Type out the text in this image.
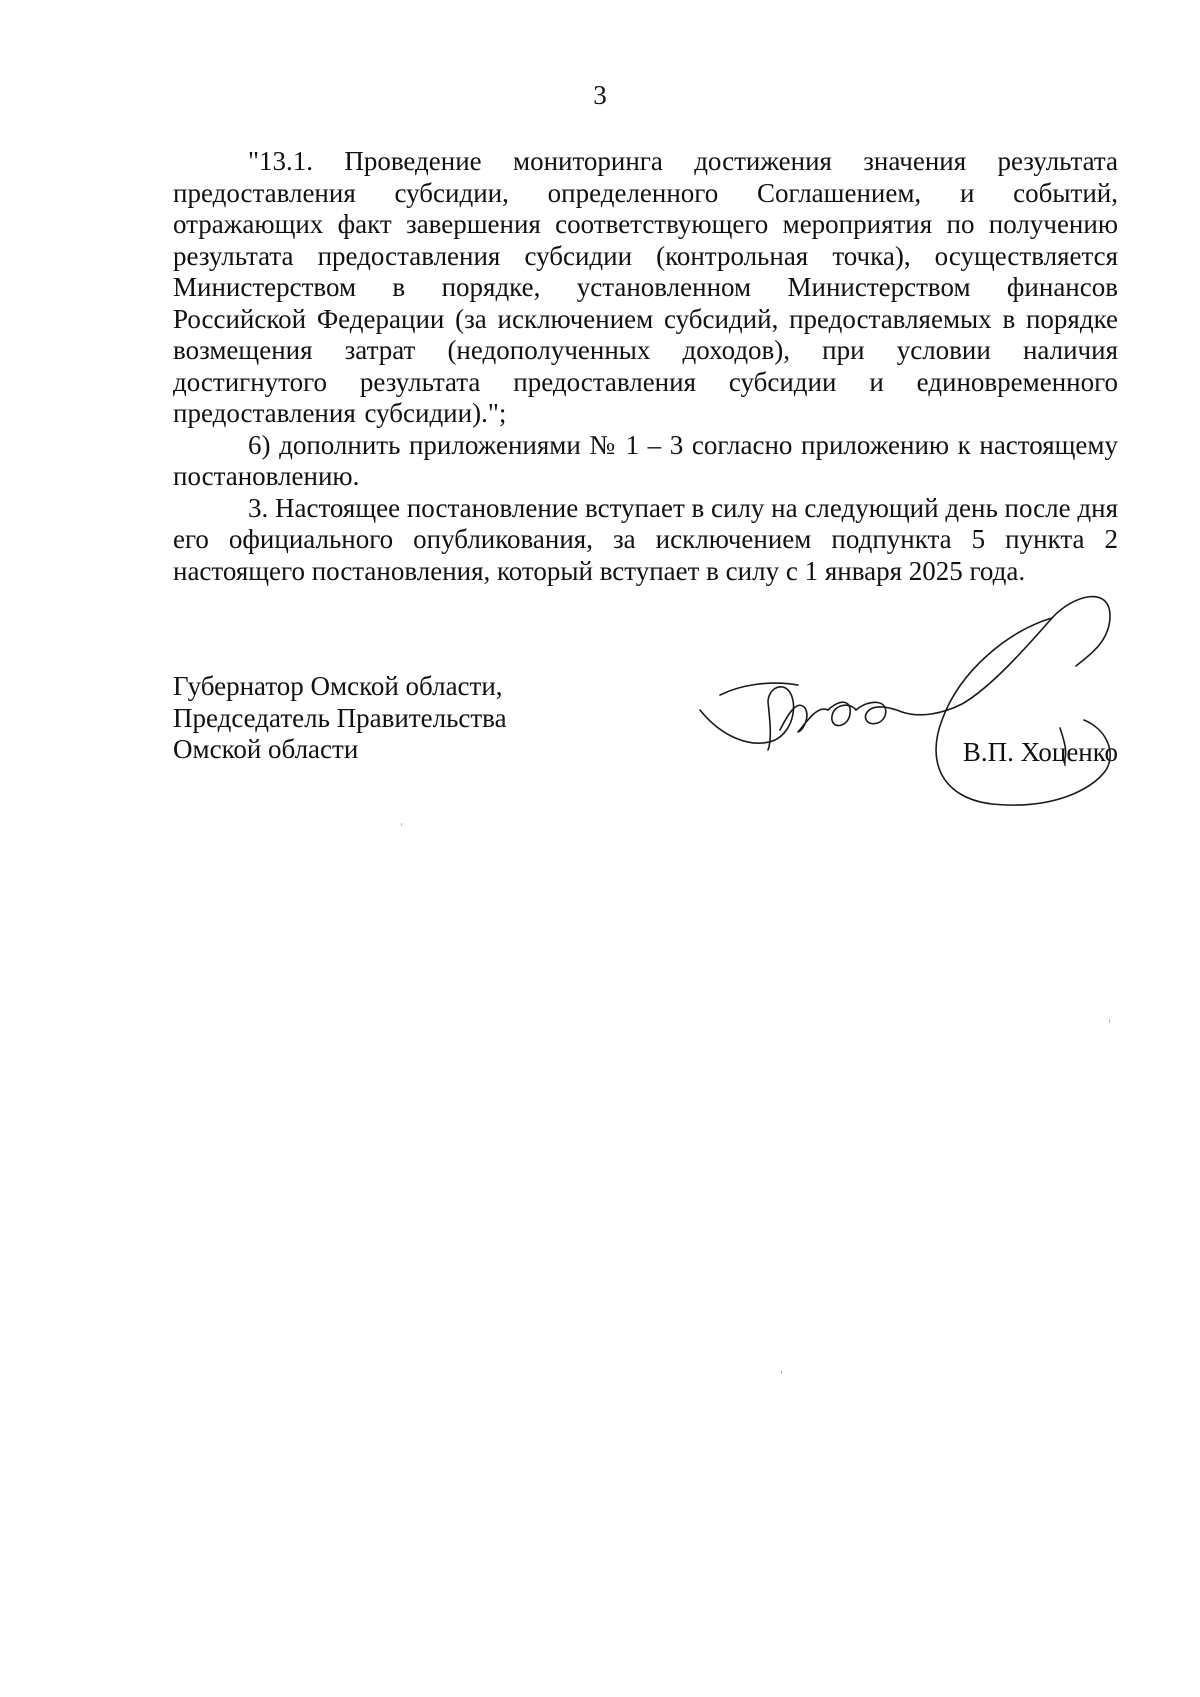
3

"13.1. Проведение мониторинга достижения значения результата предоставления субсидии, определенного Соглашением, и событий, отражающих факт завершения соответствующего мероприятия по получению результата предоставления субсидии (контрольная точка), осуществляется Министерством в порядке, установленном Министерством финансов Российской Федерации (за исключением субсидий, предоставляемых в порядке возмещения затрат (недополученных доходов), при условии наличия достигнутого результата предоставления субсидии и единовременного предоставления субсидии).";

6) дополнить приложениями № 1 – 3 согласно приложению к настоящему постановлению.

3. Настоящее постановление вступает в силу на следующий день после дня его официального опубликования, за исключением подпункта 5 пункта 2 настоящего постановления, который вступает в силу с 1 января 2025 года.

Губернатор Омской области,
Председатель Правительства
Омской области	В.П. Хоценко
